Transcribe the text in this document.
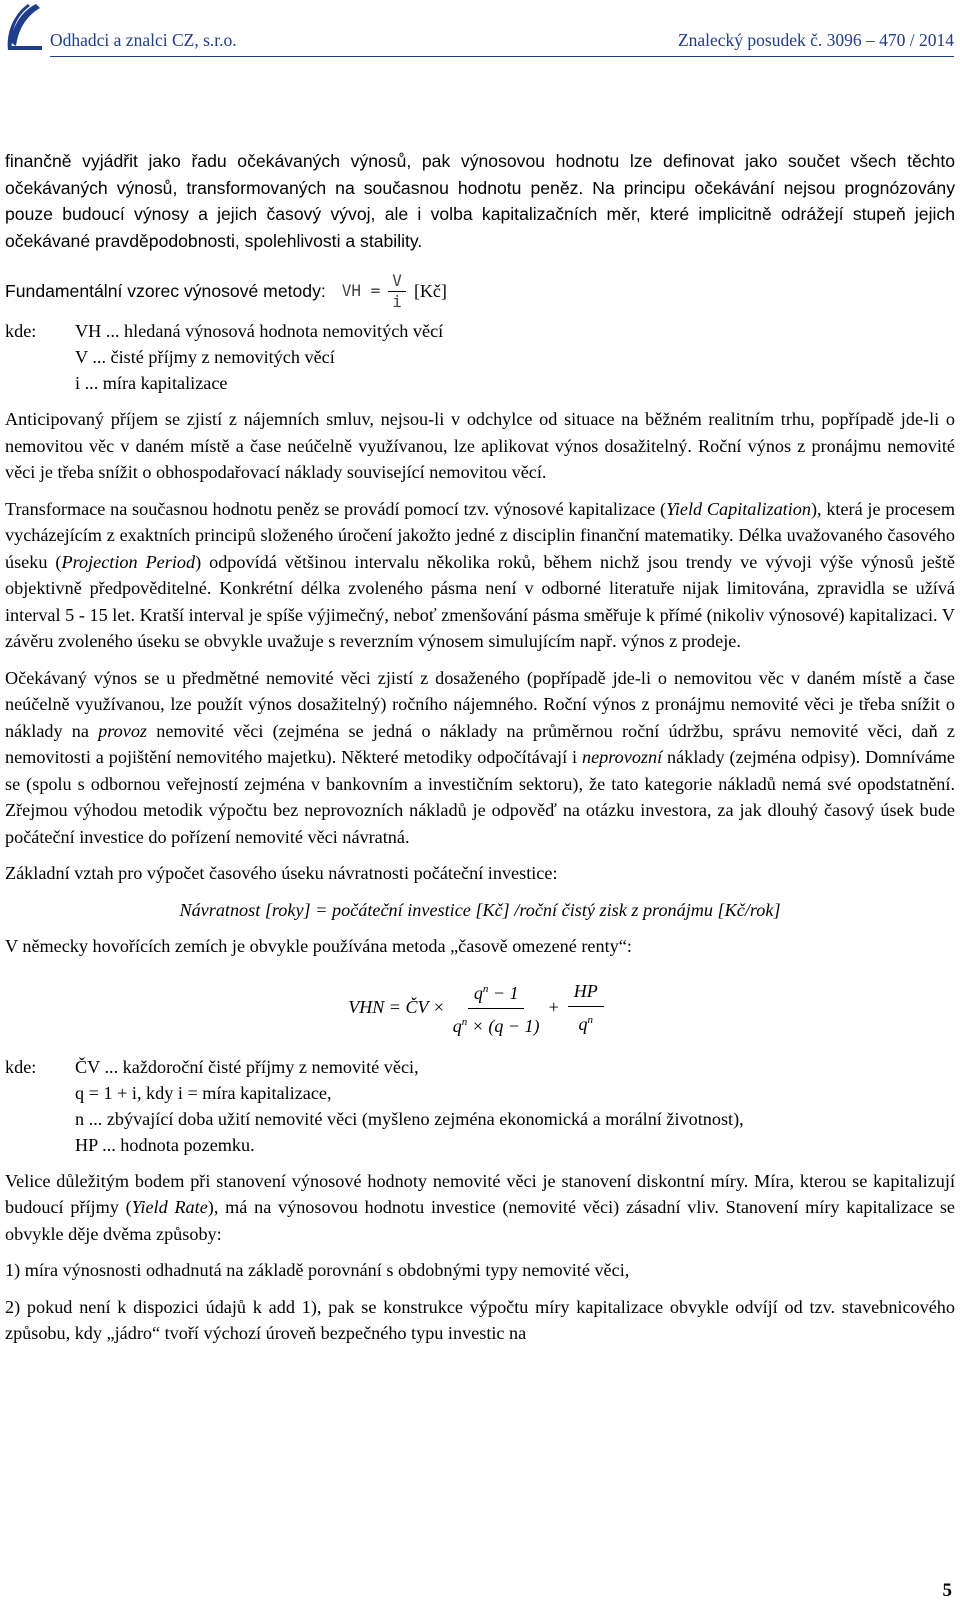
Odhadci a znalci CZ, s.r.o.	Znalecký posudek č. 3096 – 470 / 2014

finančně vyjádřit jako řadu očekávaných výnosů, pak výnosovou hodnotu lze definovat jako součet všech těchto očekávaných výnosů, transformovaných na současnou hodnotu peněz. Na principu očekávání nejsou prognózovány pouze budoucí výnosy a jejich časový vývoj, ale i volba kapitalizačních měr, které implicitně odrážejí stupeň jejich očekávané pravděpodobnosti, spolehlivosti a stability.

Fundamentální vzorec výnosové metody: VH = $\frac{V}{i}$ [Kč]
kde:	VH ... hledaná výnosová hodnota nemovitých věcí
V ... čisté příjmy z nemovitých věcí
i ... míra kapitalizace

Anticipovaný příjem se zjistí z nájemních smluv, nejsou-li v odchylce od situace na běžném realitním trhu, popřípadě jde-li o nemovitou věc v daném místě a čase neúčelně využívanou, lze aplikovat výnos dosažitelný. Roční výnos z pronájmu nemovité věci je třeba snížit o obhospodařovací náklady související nemovitou věcí.

Transformace na současnou hodnotu peněz se provádí pomocí tzv. výnosové kapitalizace (Yield Capitalization), která je procesem vycházejícím z exaktních principů složeného úročení jakožto jedné z disciplin finanční matematiky. Délka uvažovaného časového úseku (Projection Period) odpovídá většinou intervalu několika roků, během nichž jsou trendy ve vývoji výše výnosů ještě objektivně předpověditelné. Konkrétní délka zvoleného pásma není v odborné literatuře nijak limitována, zpravidla se užívá interval 5 - 15 let. Kratší interval je spíše výjimečný, neboť zmenšování pásma směřuje k přímé (nikoliv výnosové) kapitalizaci. V závěru zvoleného úseku se obvykle uvažuje s reverzním výnosem simulujícím např. výnos z prodeje.

Očekávaný výnos se u předmětné nemovité věci zjistí z dosaženého (popřípadě jde-li o nemovitou věc v daném místě a čase neúčelně využívanou, lze použít výnos dosažitelný) ročního nájemného. Roční výnos z pronájmu nemovité věci je třeba snížit o náklady na provoz nemovité věci (zejména se jedná o náklady na průměrnou roční údržbu, správu nemovité věci, daň z nemovitosti a pojištění nemovitého majetku). Některé metodiky odpočítávají i neprovozní náklady (zejména odpisy). Domníváme se (spolu s odbornou veřejností zejména v bankovním a investičním sektoru), že tato kategorie nákladů nemá své opodstatnění. Zřejmou výhodou metodik výpočtu bez neprovozních nákladů je odpověď na otázku investora, za jak dlouhý časový úsek bude počáteční investice do pořízení nemovité věci návratná.

Základní vztah pro výpočet časového úseku návratnosti počáteční investice:

Návratnost [roky] = počáteční investice [Kč] /roční čistý zisk z pronájmu [Kč/rok]

V německy hovořících zemích je obvykle používána metoda „časově omezené renty“:

VHN = ČV × $\frac{q^n - 1}{q^n \times (q - 1)} + \frac{HP}{q^n}$
kde:	ČV ... každoroční čisté příjmy z nemovité věci,
q = 1 + i, kdy i = míra kapitalizace,
n ... zbývající doba užití nemovité věci (myšleno zejména ekonomická a morální životnost),
HP ... hodnota pozemku.

Velice důležitým bodem při stanovení výnosové hodnoty nemovité věci je stanovení diskontní míry. Míra, kterou se kapitalizují budoucí příjmy (Yield Rate), má na výnosovou hodnotu investice (nemovité věci) zásadní vliv. Stanovení míry kapitalizace se obvykle děje dvěma způsoby:

1) míra výnosnosti odhadnutá na základě porovnání s obdobnými typy nemovité věci,

2) pokud není k dispozici údajů k add 1), pak se konstrukce výpočtu míry kapitalizace obvykle odvíjí od tzv. stavebnicového způsobu, kdy „jádro“ tvoří výchozí úroveň bezpečného typu investic na

5
